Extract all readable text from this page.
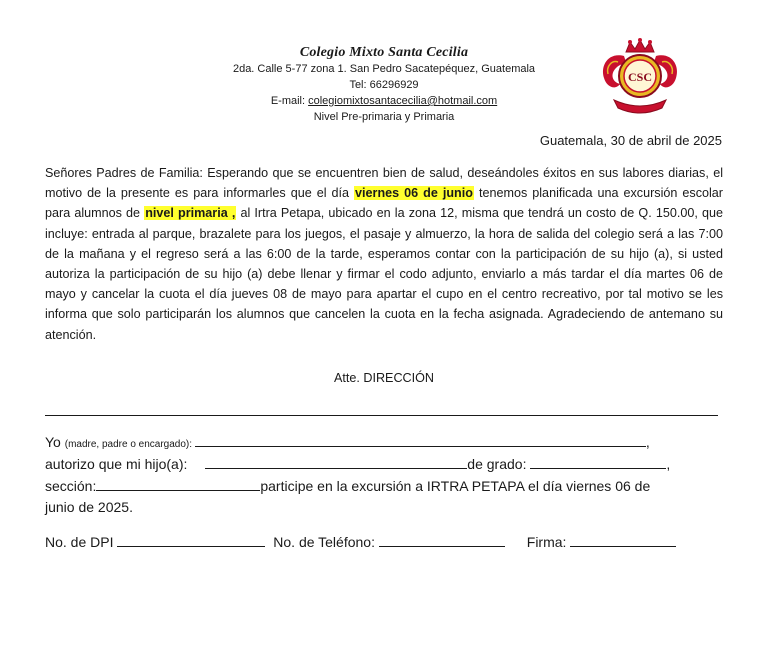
Colegio Mixto Santa Cecilia
2da. Calle 5-77 zona 1. San Pedro Sacatepéquez, Guatemala
Tel: 66296929
E-mail: colegiomixtosantacecilia@hotmail.com
Nivel Pre-primaria y Primaria
CSC
Guatemala, 30 de abril de 2025
Señores Padres de Familia: Esperando que se encuentren bien de salud, deseándoles éxitos en sus labores diarias, el motivo de la presente es para informarles que el día viernes 06 de junio tenemos planificada una excursión escolar para alumnos de nivel primaria , al Irtra Petapa, ubicado en la zona 12, misma que tendrá un costo de Q. 150.00, que incluye: entrada al parque, brazalete para los juegos, el pasaje y almuerzo, la hora de salida del colegio será a las 7:00 de la mañana y el regreso será a las 6:00 de la tarde, esperamos contar con la participación de su hijo (a), si usted autoriza la participación de su hijo (a) debe llenar y firmar el codo adjunto, enviarlo a más tardar el día martes 06 de mayo y cancelar la cuota el día jueves 08 de mayo para apartar el cupo en el centro recreativo, por tal motivo se les informa que solo participarán los alumnos que cancelen la cuota en la fecha asignada. Agradeciendo de antemano su atención.
Atte. DIRECCIÓN
Yo (madre, padre o encargado):	,
autorizo que mi hijo(a):	de grado:	,
sección:	participe en la excursión a IRTRA PETAPA el día viernes 06 de
junio de 2025.
No. de DPI	No. de Teléfono:	Firma:
